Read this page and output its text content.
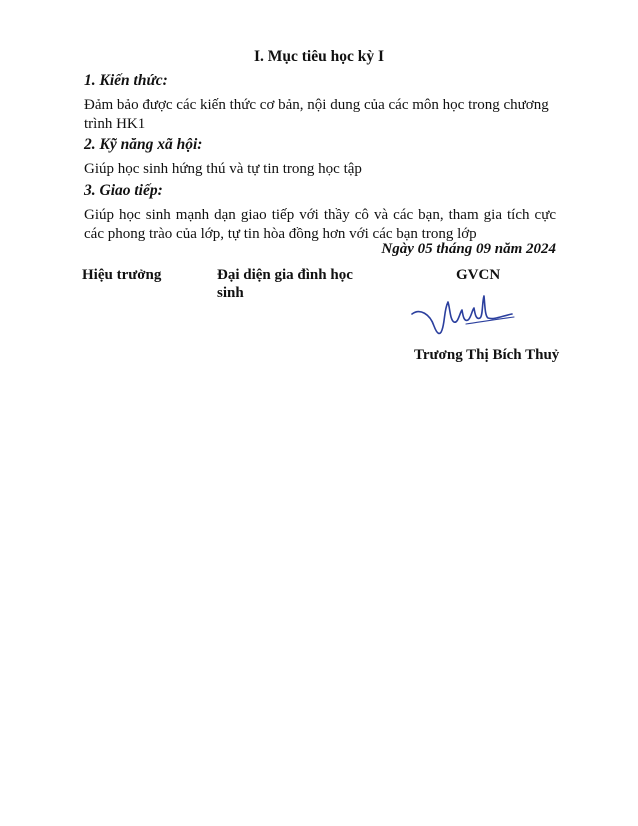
I. Mục tiêu học kỳ I
1. Kiến thức:
Đảm bảo được các kiến thức cơ bản, nội dung của các môn học trong chương trình HK1
2. Kỹ năng xã hội:
Giúp học sinh hứng thú và tự tin trong học tập
3. Giao tiếp:
Giúp học sinh mạnh dạn giao tiếp với thầy cô và các bạn, tham gia tích cực các phong trào của lớp, tự tin hòa đồng hơn với các bạn trong lớp
Ngày 05 tháng 09 năm 2024
Hiệu trưởng	Đại diện gia đình học sinh
GVCN
Trương Thị Bích Thuỷ
